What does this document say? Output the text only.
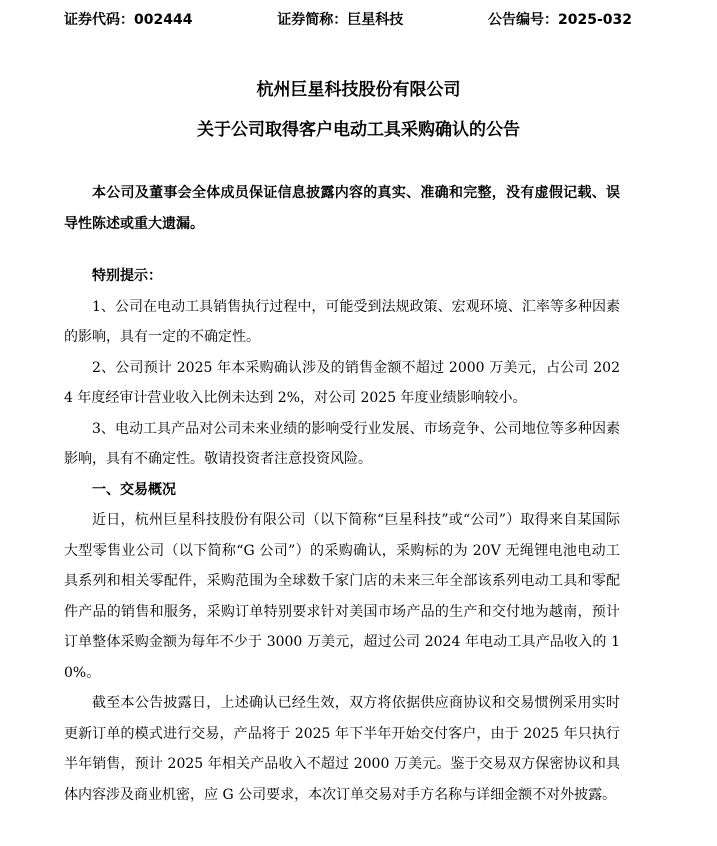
证券代码：002444	证券简称：巨星科技	公告编号：2025-032
杭州巨星科技股份有限公司
关于公司取得客户电动工具采购确认的公告

本公司及董事会全体成员保证信息披露内容的真实、准确和完整，没有虚假记载、误导性陈述或重大遗漏。

特别提示：

1、公司在电动工具销售执行过程中，可能受到法规政策、宏观环境、汇率等多种因素的影响，具有一定的不确定性。

2、公司预计 2025 年本采购确认涉及的销售金额不超过 2000 万美元，占公司 2024 年度经审计营业收入比例未达到 2%，对公司 2025 年度业绩影响较小。

3、电动工具产品对公司未来业绩的影响受行业发展、市场竞争、公司地位等多种因素影响，具有不确定性。敬请投资者注意投资风险。

一、交易概况

近日，杭州巨星科技股份有限公司（以下简称“巨星科技”或“公司”）取得来自某国际大型零售业公司（以下简称“G 公司”）的采购确认，采购标的为 20V 无绳锂电池电动工具系列和相关零配件，采购范围为全球数千家门店的未来三年全部该系列电动工具和零配件产品的销售和服务，采购订单特别要求针对美国市场产品的生产和交付地为越南，预计订单整体采购金额为每年不少于 3000 万美元，超过公司 2024 年电动工具产品收入的 10%。

截至本公告披露日，上述确认已经生效，双方将依据供应商协议和交易惯例采用实时更新订单的模式进行交易，产品将于 2025 年下半年开始交付客户，由于 2025 年只执行半年销售，预计 2025 年相关产品收入不超过 2000 万美元。鉴于交易双方保密协议和具体内容涉及商业机密，应 G 公司要求，本次订单交易对手方名称与详细金额不对外披露。
